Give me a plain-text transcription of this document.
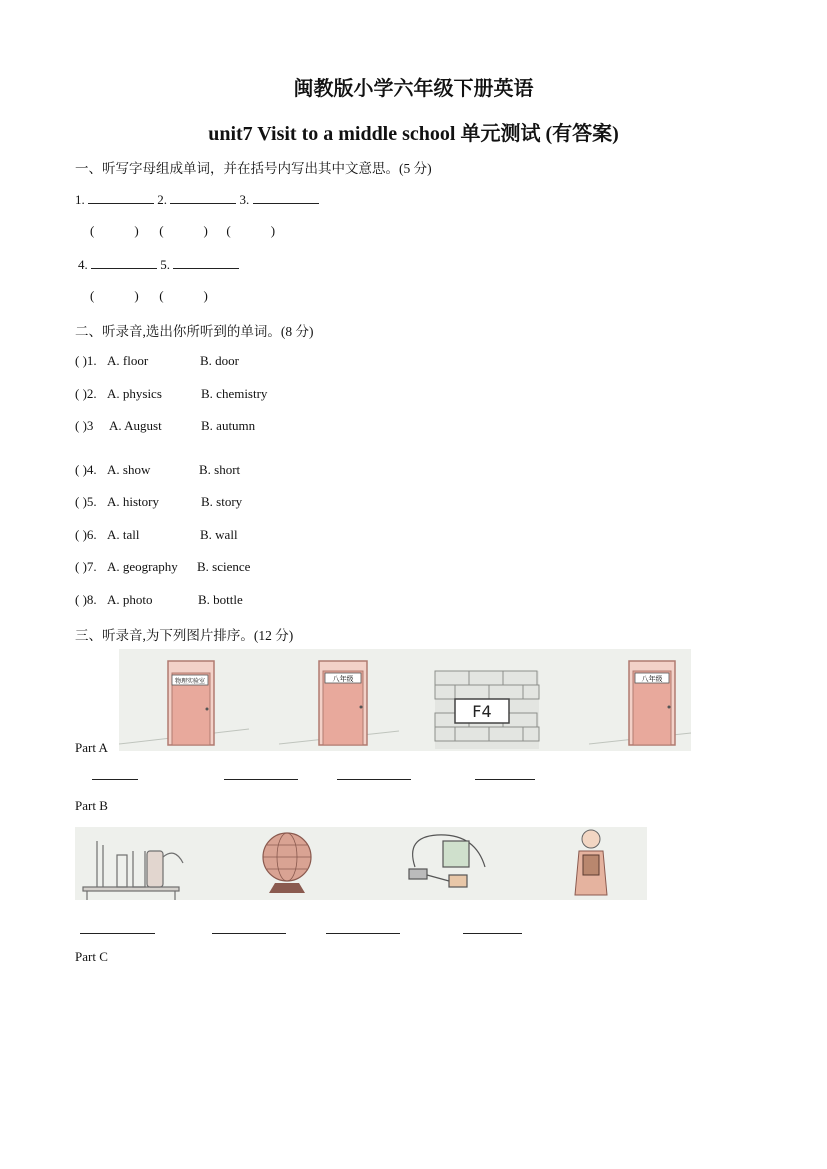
闽教版小学六年级下册英语
unit7 Visit to a middle school 单元测试 (有答案)
一、听写字母组成单词，并在括号内写出其中文意思。(5 分)
1.	2.	3.
(	) (	) (	)
4.	5.
(	) (	)
二、听录音,选出你所听到的单词。(8 分)
( )1. A. floor	B. door
( )2. A. physics	B. chemistry
( )3 A. August	B. autumn
( )4. A. show	B. short
( )5. A. history	B. story
( )6. A. tall	B. wall
( )7. A. geography B. science
( )8. A. photo	B. bottle
三、听录音,为下列图片排序。(12 分)
物理实验室	八年级
F4
八年级
Part A
Part B
Part C
